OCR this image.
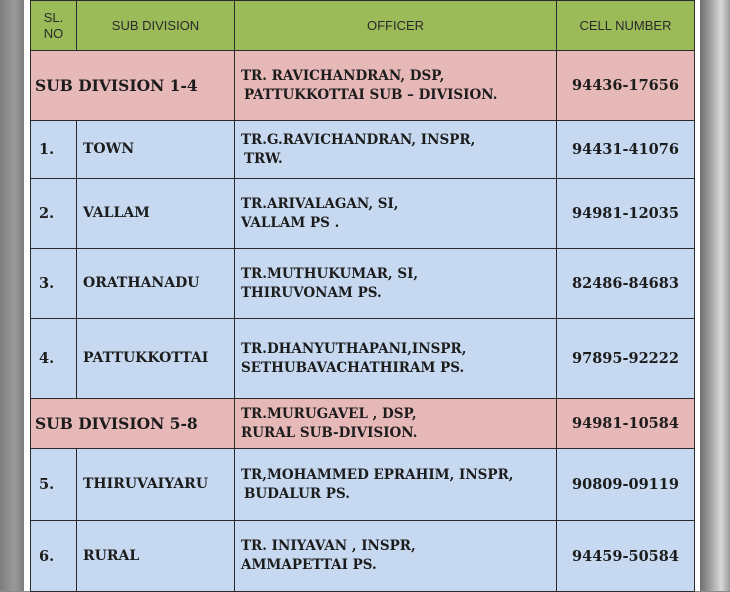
SL.
NO	SUB DIVISION	OFFICER	CELL NUMBER
SUB DIVISION 1-4		TR. RAVICHANDRAN, DSP,
PATTUKKOTTAI SUB – DIVISION.	94436-17656
1.	TOWN	TR.G.RAVICHANDRAN, INSPR,
TRW.	94431-41076
2.	VALLAM	TR.ARIVALAGAN, SI,
VALLAM PS .	94981-12035
3.	ORATHANADU	TR.MUTHUKUMAR, SI,
THIRUVONAM PS.	82486-84683
4.	PATTUKKOTTAI	TR.DHANYUTHAPANI,INSPR,
SETHUBAVACHATHIRAM PS.	97895-92222
SUB DIVISION 5-8		TR.MURUGAVEL , DSP,
RURAL SUB-DIVISION.	94981-10584
5.	THIRUVAIYARU	TR,MOHAMMED EPRAHIM, INSPR,
BUDALUR PS.	90809-09119
6.	RURAL	TR. INIYAVAN , INSPR,
AMMAPETTAI PS.	94459-50584
